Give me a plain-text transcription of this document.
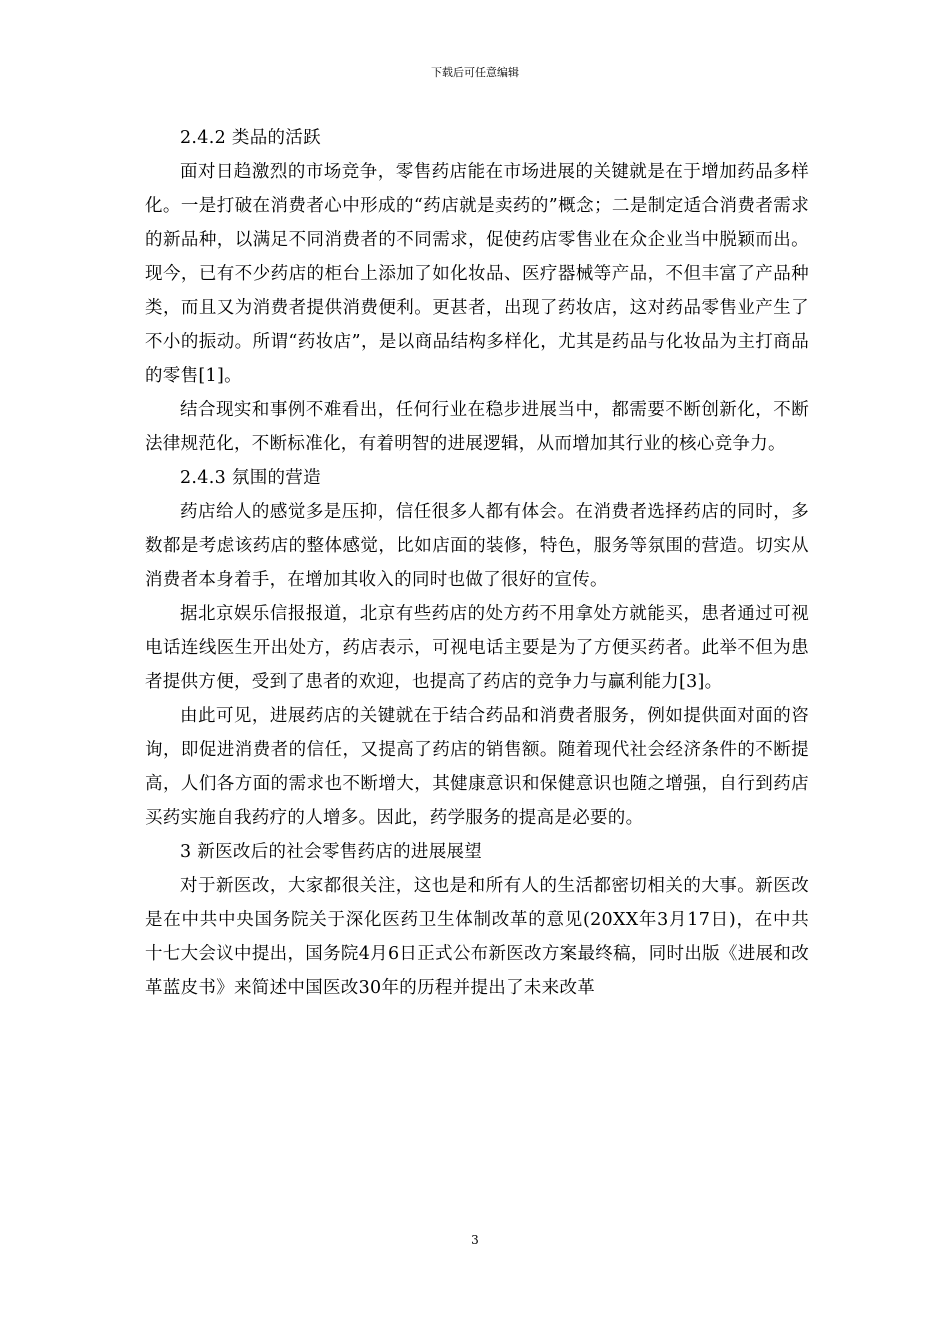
下载后可任意编辑
2.4.2 类品的活跃

面对日趋激烈的市场竞争，零售药店能在市场进展的关键就是在于增加药品多样化。一是打破在消费者心中形成的“药店就是卖药的”概念；二是制定适合消费者需求的新品种，以满足不同消费者的不同需求，促使药店零售业在众企业当中脱颖而出。现今，已有不少药店的柜台上添加了如化妆品、医疗器械等产品，不但丰富了产品种类，而且又为消费者提供消费便利。更甚者，出现了药妆店，这对药品零售业产生了不小的振动。所谓“药妆店”，是以商品结构多样化，尤其是药品与化妆品为主打商品的零售[1]。

结合现实和事例不难看出，任何行业在稳步进展当中，都需要不断创新化，不断法律规范化，不断标准化，有着明智的进展逻辑，从而增加其行业的核心竞争力。

2.4.3 氛围的营造

药店给人的感觉多是压抑，信任很多人都有体会。在消费者选择药店的同时，多数都是考虑该药店的整体感觉，比如店面的装修，特色，服务等氛围的营造。切实从消费者本身着手，在增加其收入的同时也做了很好的宣传。

据北京娱乐信报报道，北京有些药店的处方药不用拿处方就能买，患者通过可视电话连线医生开出处方，药店表示，可视电话主要是为了方便买药者。此举不但为患者提供方便，受到了患者的欢迎，也提高了药店的竞争力与赢利能力[3]。

由此可见，进展药店的关键就在于结合药品和消费者服务，例如提供面对面的咨询，即促进消费者的信任，又提高了药店的销售额。随着现代社会经济条件的不断提高，人们各方面的需求也不断增大，其健康意识和保健意识也随之增强，自行到药店买药实施自我药疗的人增多。因此，药学服务的提高是必要的。

3 新医改后的社会零售药店的进展展望

对于新医改，大家都很关注，这也是和所有人的生活都密切相关的大事。新医改是在中共中央国务院关于深化医药卫生体制改革的意见(20XX年3月17日)，在中共十七大会议中提出，国务院4月6日正式公布新医改方案最终稿，同时出版《进展和改革蓝皮书》来简述中国医改30年的历程并提出了未来改革

3
